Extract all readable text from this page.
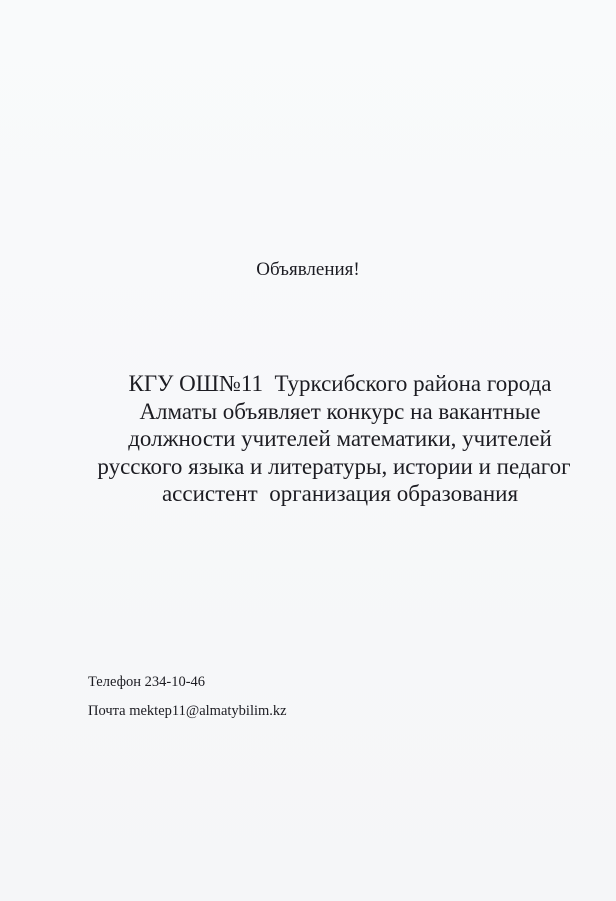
Объявления!
КГУ ОШ№11  Турксибского района города
Алматы объявляет конкурс на вакантные
должности учителей математики, учителей
русского языка и литературы, истории и педагог
ассистент  организация образования
Телефон 234-10-46
Почта mektep11@almatybilim.kz
